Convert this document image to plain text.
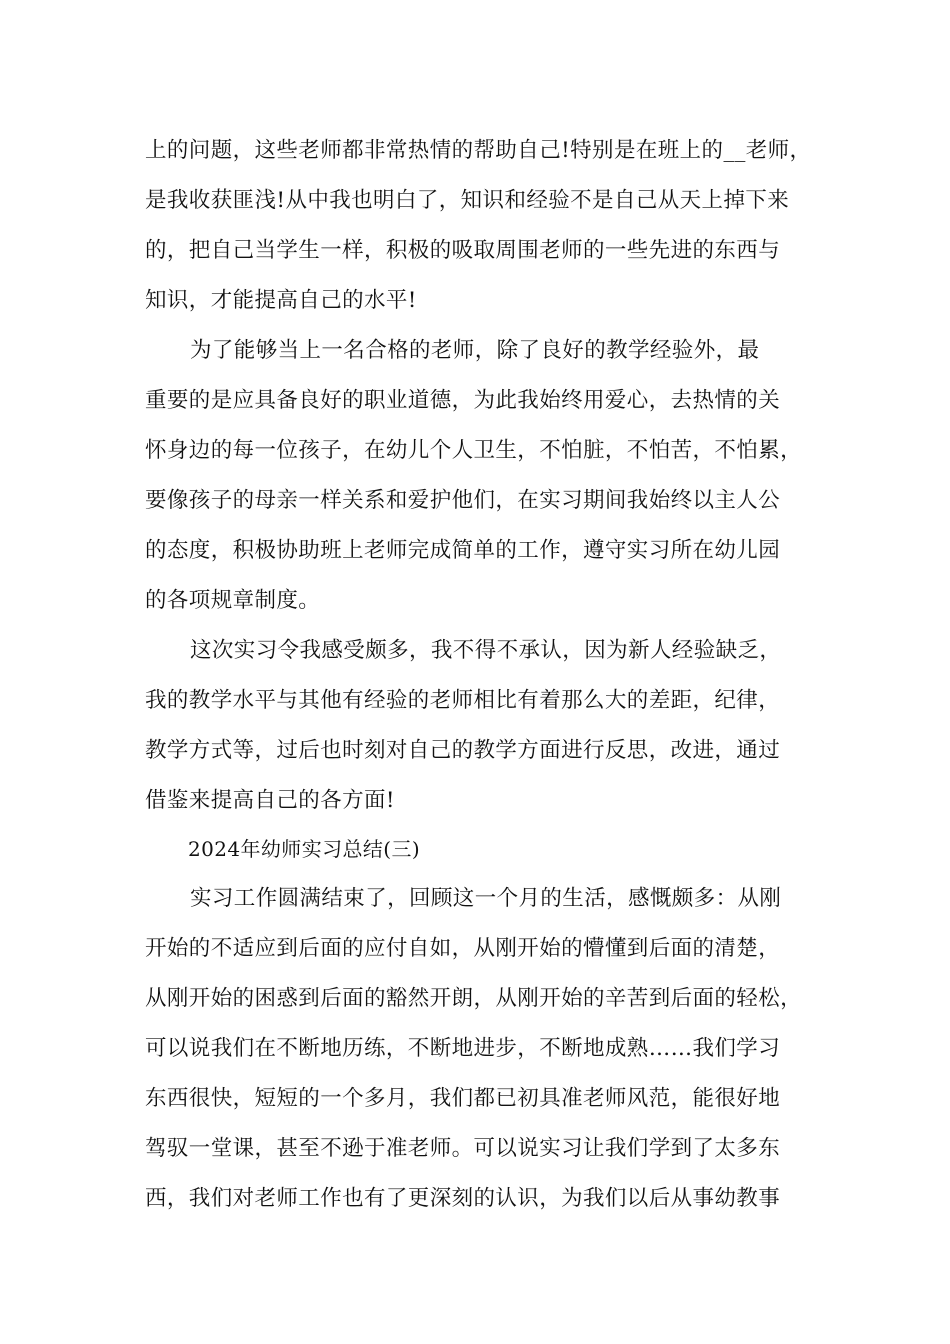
上的问题，这些老师都非常热情的帮助自己!特别是在班上的__老师，
是我收获匪浅!从中我也明白了，知识和经验不是自己从天上掉下来
的，把自己当学生一样，积极的吸取周围老师的一些先进的东西与
知识，才能提高自己的水平!
为了能够当上一名合格的老师，除了良好的教学经验外，最
重要的是应具备良好的职业道德，为此我始终用爱心，去热情的关
怀身边的每一位孩子，在幼儿个人卫生，不怕脏，不怕苦，不怕累，
要像孩子的母亲一样关系和爱护他们，在实习期间我始终以主人公
的态度，积极协助班上老师完成简单的工作，遵守实习所在幼儿园
的各项规章制度。
这次实习令我感受颇多，我不得不承认，因为新人经验缺乏，
我的教学水平与其他有经验的老师相比有着那么大的差距，纪律，
教学方式等，过后也时刻对自己的教学方面进行反思，改进，通过
借鉴来提高自己的各方面!
2024年幼师实习总结(三)
实习工作圆满结束了，回顾这一个月的生活，感慨颇多：从刚
开始的不适应到后面的应付自如，从刚开始的懵懂到后面的清楚，
从刚开始的困惑到后面的豁然开朗，从刚开始的辛苦到后面的轻松，
可以说我们在不断地历练，不断地进步，不断地成熟……我们学习
东西很快，短短的一个多月，我们都已初具准老师风范，能很好地
驾驭一堂课，甚至不逊于准老师。可以说实习让我们学到了太多东
西，我们对老师工作也有了更深刻的认识，为我们以后从事幼教事
